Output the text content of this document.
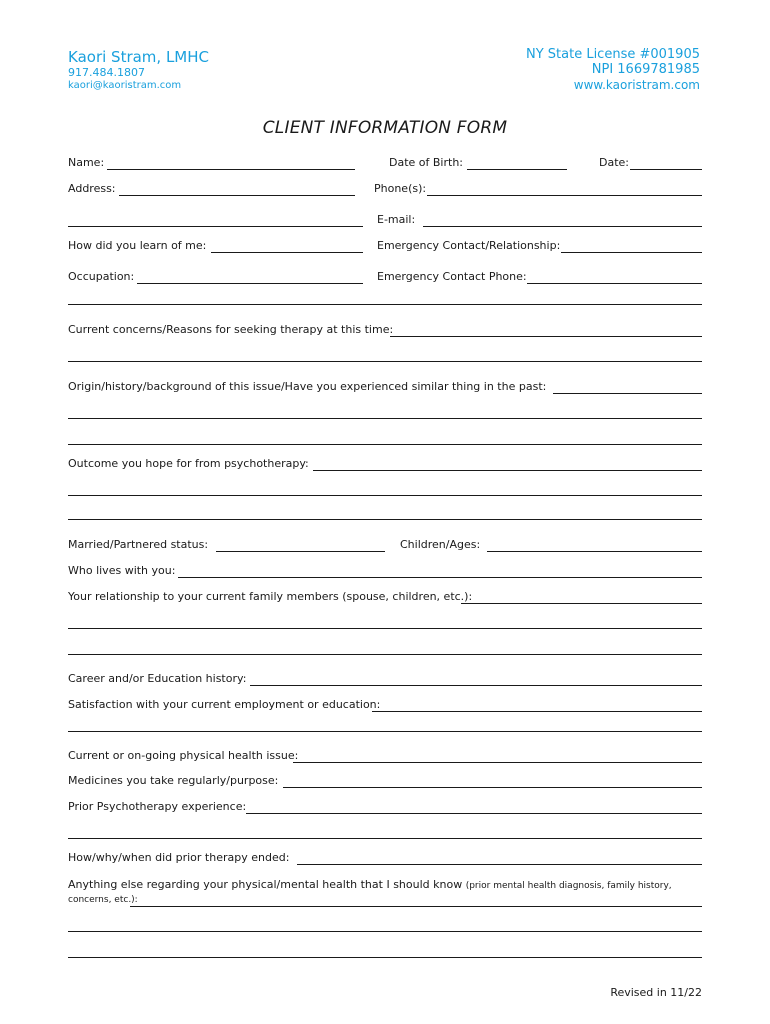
Kaori Stram, LMHC
917.484.1807
kaori@kaoristram.com
NY State License #001905
NPI 1669781985
www.kaoristram.com
CLIENT INFORMATION FORM
Name:	Date of Birth:	Date:
Address:	Phone(s):
E-mail:
How did you learn of me:	Emergency Contact/Relationship:
Occupation:	Emergency Contact Phone:
Current concerns/Reasons for seeking therapy at this time:
Origin/history/background of this issue/Have you experienced similar thing in the past:
Outcome you hope for from psychotherapy:
Married/Partnered status:	Children/Ages:
Who lives with you:
Your relationship to your current family members (spouse, children, etc.):
Career and/or Education history:
Satisfaction with your current employment or education:
Current or on-going physical health issue:
Medicines you take regularly/purpose:
Prior Psychotherapy experience:
How/why/when did prior therapy ended:
Anything else regarding your physical/mental health that I should know (prior mental health diagnosis, family history,
concerns, etc.):
Revised in 11/22
